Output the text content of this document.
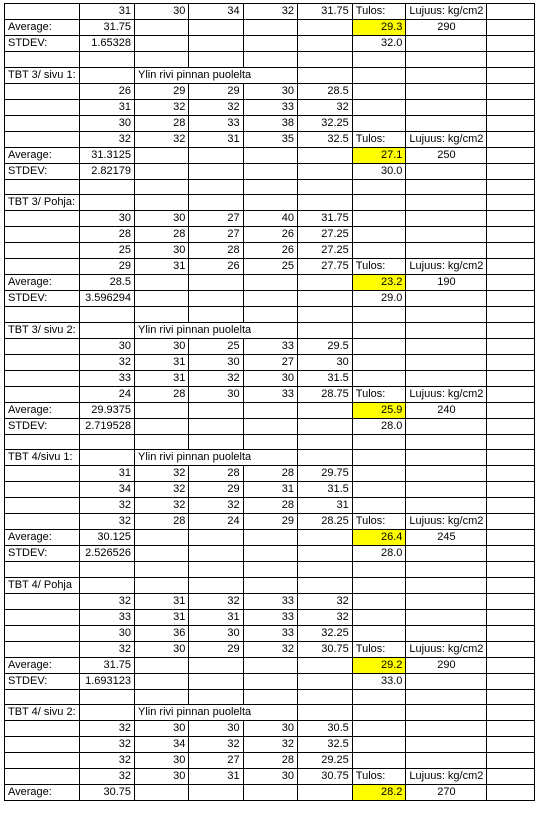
	31	30	34	32	31.75	Tulos:	Lujuus: kg/cm2	
Average:	31.75					29.3	290	
STDEV:	1.65328					32.0		

TBT 3/ sivu 1:		Ylin rivi pinnan puolelta						
	26	29	29	30	28.5			
	31	32	32	33	32			
	30	28	33	38	32.25			
	32	32	31	35	32.5	Tulos:	Lujuus: kg/cm2	
Average:	31.3125					27.1	250	
STDEV:	2.82179					30.0		

TBT 3/ Pohja:								
	30	30	27	40	31.75			
	28	28	27	26	27.25			
	25	30	28	26	27.25			
	29	31	26	25	27.75	Tulos:	Lujuus: kg/cm2	
Average:	28.5					23.2	190	
STDEV:	3.596294					29.0		

TBT 3/ sivu 2:		Ylin rivi pinnan puolelta						
	30	30	25	33	29.5			
	32	31	30	27	30			
	33	31	32	30	31.5			
	24	28	30	33	28.75	Tulos:	Lujuus: kg/cm2	
Average:	29.9375					25.9	240	
STDEV:	2.719528					28.0		

TBT 4/sivu 1:		Ylin rivi pinnan puolelta						
	31	32	28	28	29.75			
	34	32	29	31	31.5			
	32	32	32	28	31			
	32	28	24	29	28.25	Tulos:	Lujuus: kg/cm2	
Average:	30.125					26.4	245	
STDEV:	2.526526					28.0		

TBT 4/ Pohja								
	32	31	32	33	32			
	33	31	31	33	32			
	30	36	30	33	32.25			
	32	30	29	32	30.75	Tulos:	Lujuus: kg/cm2	
Average:	31.75					29.2	290	
STDEV:	1.693123					33.0		

TBT 4/ sivu 2:		Ylin rivi pinnan puolelta						
	32	30	30	30	30.5			
	32	34	32	32	32.5			
	32	30	27	28	29.25			
	32	30	31	30	30.75	Tulos:	Lujuus: kg/cm2	
Average:	30.75					28.2	270	
